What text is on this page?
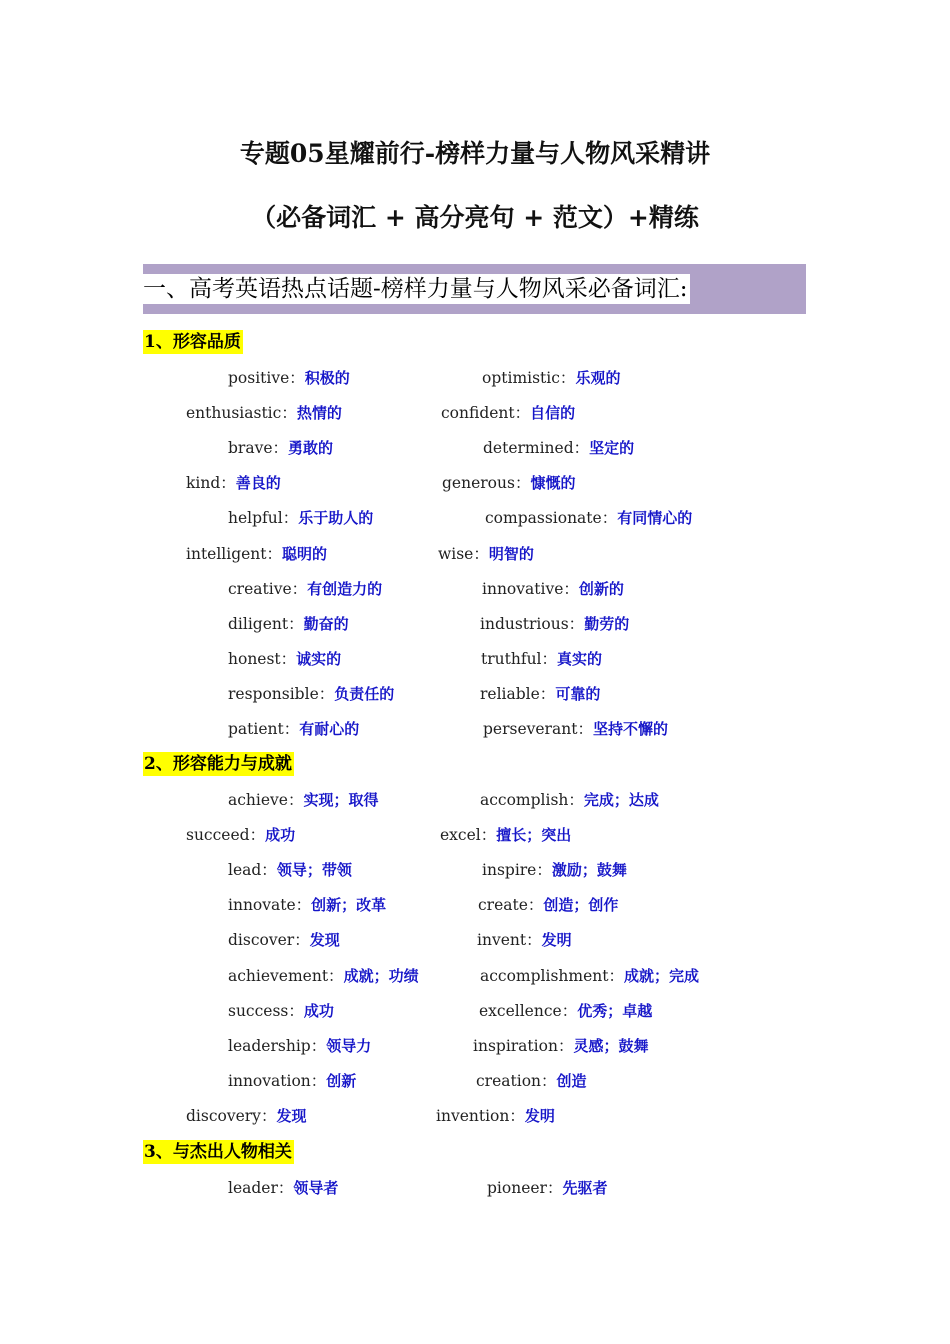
专题05星耀前行-榜样力量与人物风采精讲
（必备词汇 + 高分亮句 + 范文）+精练
一、高考英语热点话题-榜样力量与人物风采必备词汇:
1、形容品质
positive：积极的	optimistic：乐观的
enthusiastic：热情的	confident：自信的
brave：勇敢的	determined：坚定的
kind：善良的	generous：慷慨的
helpful：乐于助人的	compassionate：有同情心的
intelligent：聪明的	wise：明智的
creative：有创造力的	innovative：创新的
diligent：勤奋的	industrious：勤劳的
honest：诚实的	truthful：真实的
responsible：负责任的	reliable：可靠的
patient：有耐心的	perseverant：坚持不懈的
2、形容能力与成就
achieve：实现；取得	accomplish：完成；达成
succeed：成功	excel：擅长；突出
lead：领导；带领	inspire：激励；鼓舞
innovate：创新；改革	create：创造；创作
discover：发现	invent：发明
achievement：成就；功绩	accomplishment：成就；完成
success：成功	excellence：优秀；卓越
leadership：领导力	inspiration：灵感；鼓舞
innovation：创新	creation：创造
discovery：发现	invention：发明
3、与杰出人物相关
leader：领导者	pioneer：先驱者
